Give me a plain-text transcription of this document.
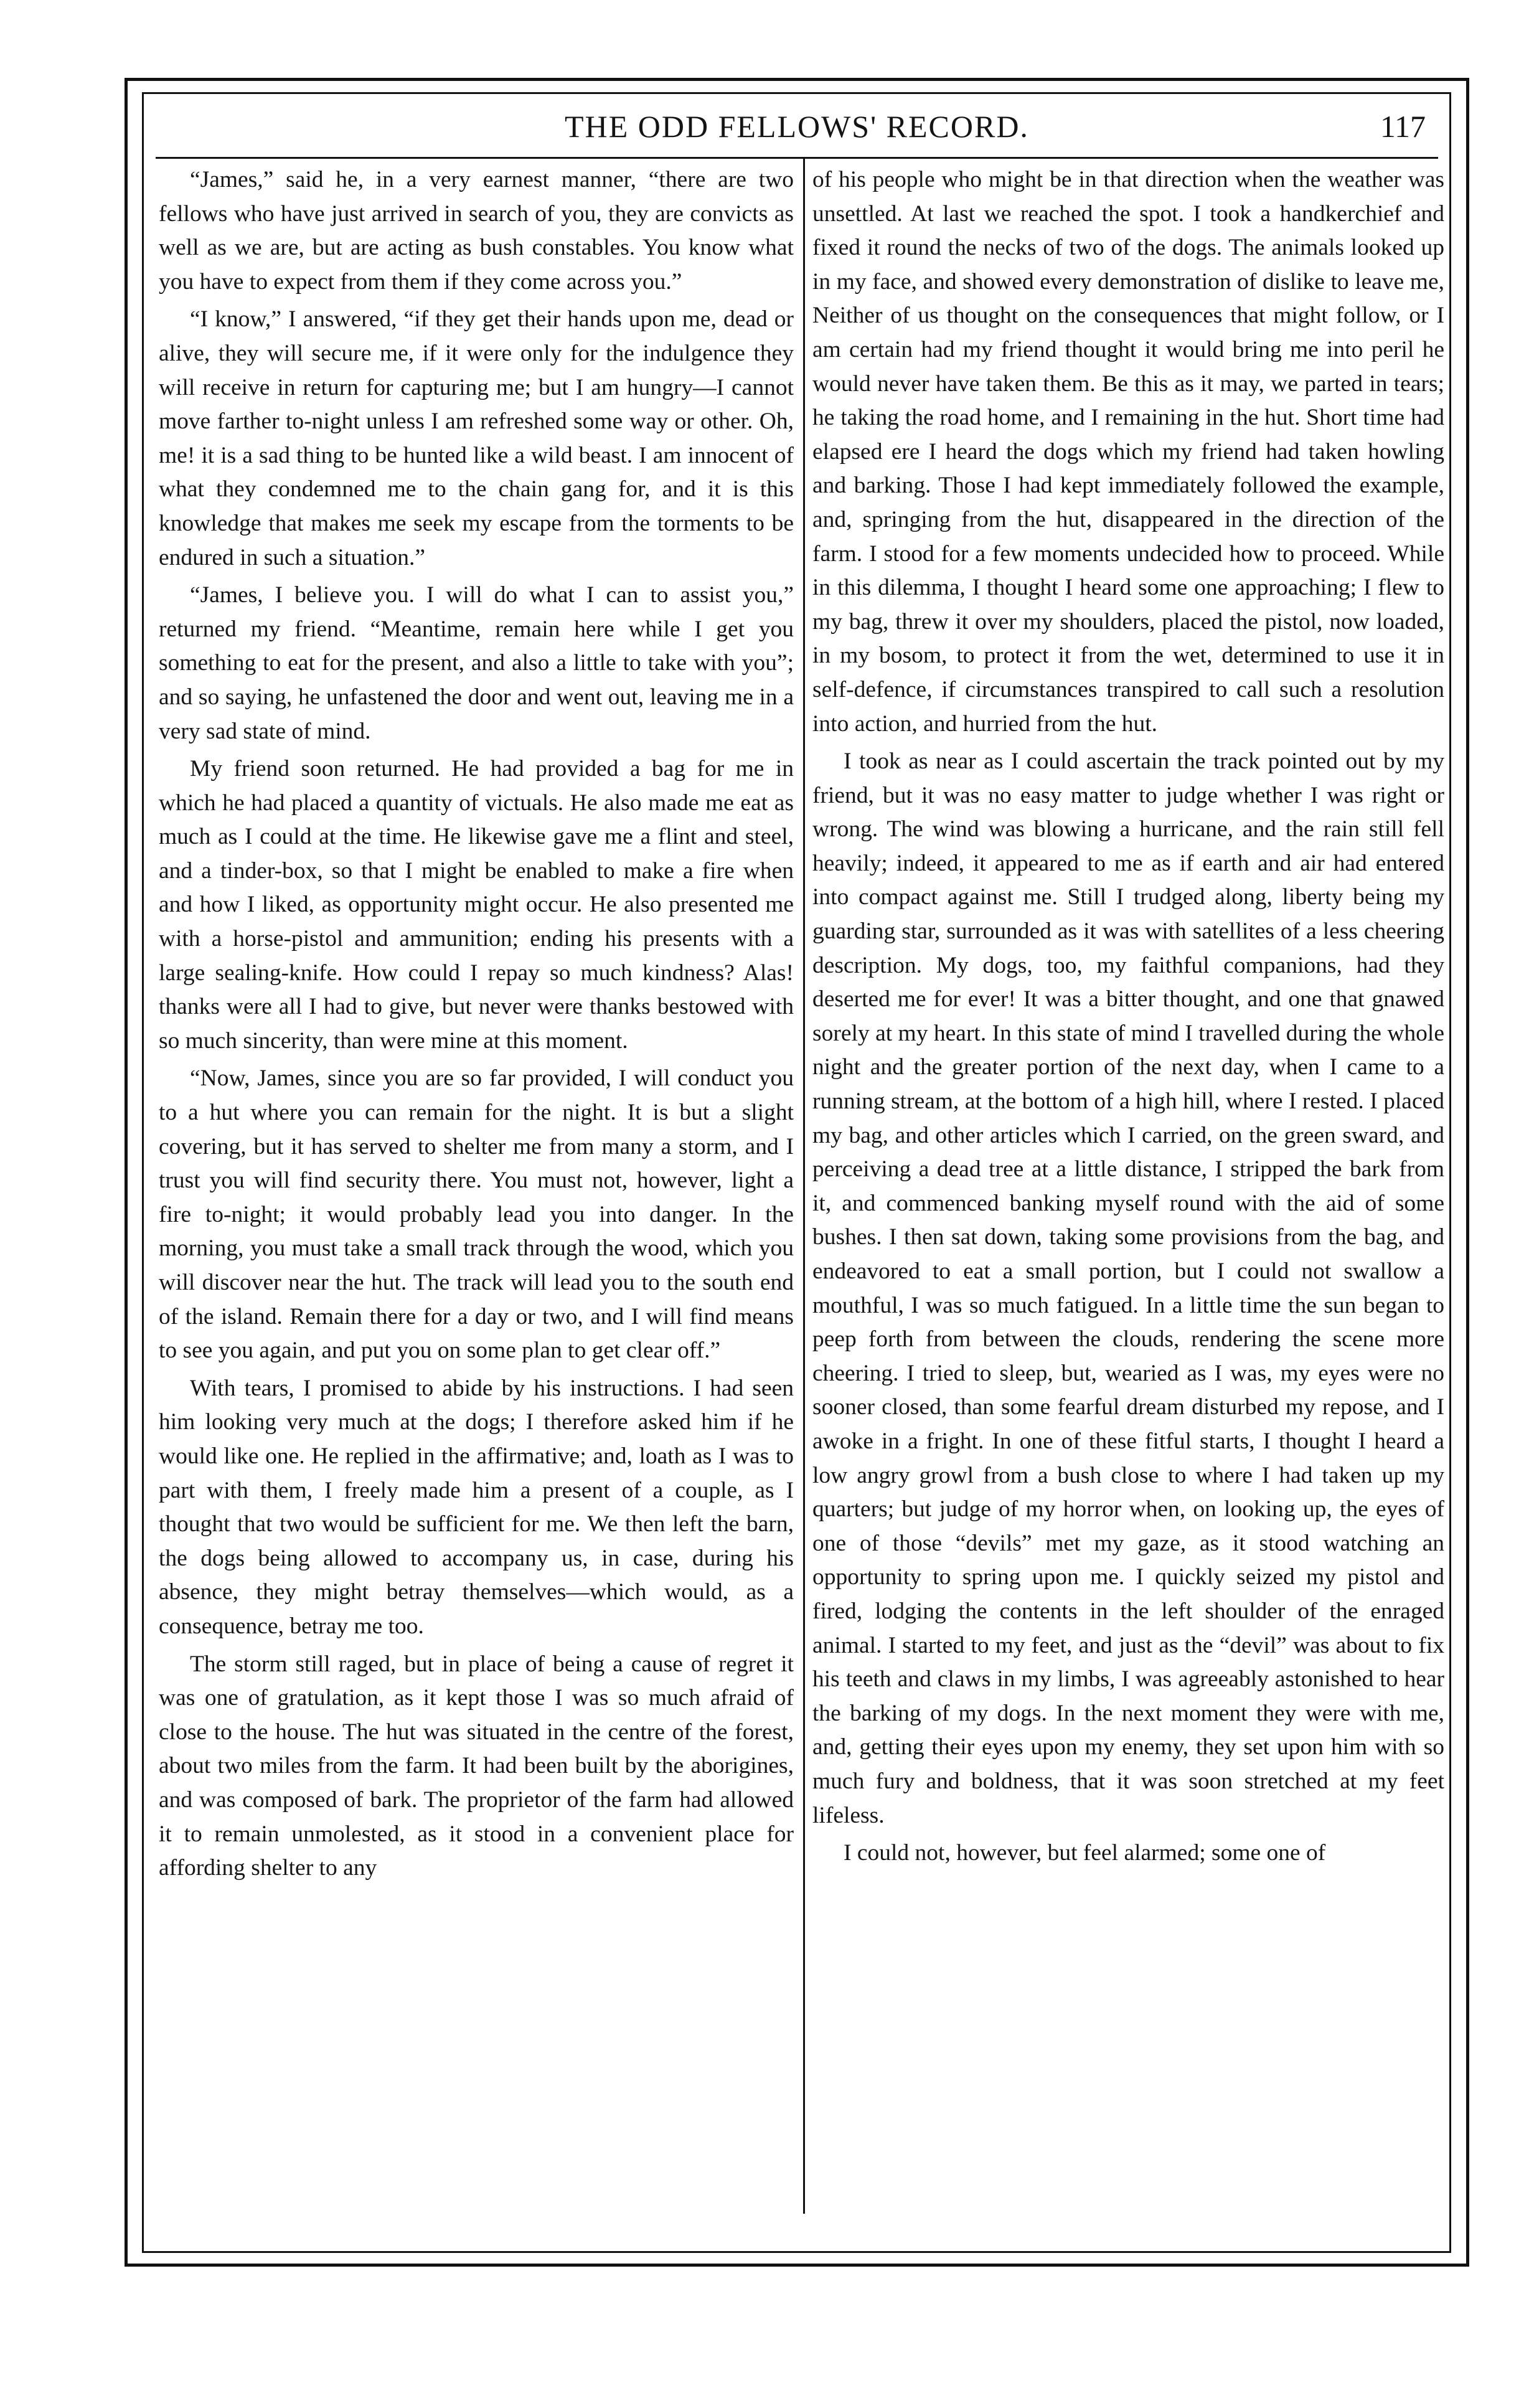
THE ODD FELLOWS' RECORD.	117

“James,” said he, in a very earnest manner, “there are two fellows who have just arrived in search of you, they are convicts as well as we are, but are acting as bush constables. You know what you have to expect from them if they come across you.”

“I know,” I answered, “if they get their hands upon me, dead or alive, they will secure me, if it were only for the indulgence they will receive in return for capturing me; but I am hungry—I cannot move farther to-night unless I am refreshed some way or other. Oh, me! it is a sad thing to be hunted like a wild beast. I am innocent of what they condemned me to the chain gang for, and it is this knowledge that makes me seek my escape from the torments to be endured in such a situation.”

“James, I believe you. I will do what I can to assist you,” returned my friend. “Meantime, remain here while I get you something to eat for the present, and also a little to take with you”; and so saying, he unfastened the door and went out, leaving me in a very sad state of mind.

My friend soon returned. He had provided a bag for me in which he had placed a quantity of victuals. He also made me eat as much as I could at the time. He likewise gave me a flint and steel, and a tinder-box, so that I might be enabled to make a fire when and how I liked, as opportunity might occur. He also presented me with a horse-pistol and ammunition; ending his presents with a large sealing-knife. How could I repay so much kindness? Alas! thanks were all I had to give, but never were thanks bestowed with so much sincerity, than were mine at this moment.

“Now, James, since you are so far provided, I will conduct you to a hut where you can remain for the night. It is but a slight covering, but it has served to shelter me from many a storm, and I trust you will find security there. You must not, however, light a fire to-night; it would probably lead you into danger. In the morning, you must take a small track through the wood, which you will discover near the hut. The track will lead you to the south end of the island. Remain there for a day or two, and I will find means to see you again, and put you on some plan to get clear off.”

With tears, I promised to abide by his instructions. I had seen him looking very much at the dogs; I therefore asked him if he would like one. He replied in the affirmative; and, loath as I was to part with them, I freely made him a present of a couple, as I thought that two would be sufficient for me. We then left the barn, the dogs being allowed to accompany us, in case, during his absence, they might betray themselves—which would, as a consequence, betray me too.

The storm still raged, but in place of being a cause of regret it was one of gratulation, as it kept those I was so much afraid of close to the house. The hut was situated in the centre of the forest, about two miles from the farm. It had been built by the aborigines, and was composed of bark. The proprietor of the farm had allowed it to remain unmolested, as it stood in a convenient place for affording shelter to any

of his people who might be in that direction when the weather was unsettled. At last we reached the spot. I took a handkerchief and fixed it round the necks of two of the dogs. The animals looked up in my face, and showed every demonstration of dislike to leave me, Neither of us thought on the consequences that might follow, or I am certain had my friend thought it would bring me into peril he would never have taken them. Be this as it may, we parted in tears; he taking the road home, and I remaining in the hut. Short time had elapsed ere I heard the dogs which my friend had taken howling and barking. Those I had kept immediately followed the example, and, springing from the hut, disappeared in the direction of the farm. I stood for a few moments undecided how to proceed. While in this dilemma, I thought I heard some one approaching; I flew to my bag, threw it over my shoulders, placed the pistol, now loaded, in my bosom, to protect it from the wet, determined to use it in self-defence, if circumstances transpired to call such a resolution into action, and hurried from the hut.

I took as near as I could ascertain the track pointed out by my friend, but it was no easy matter to judge whether I was right or wrong. The wind was blowing a hurricane, and the rain still fell heavily; indeed, it appeared to me as if earth and air had entered into compact against me. Still I trudged along, liberty being my guarding star, surrounded as it was with satellites of a less cheering description. My dogs, too, my faithful companions, had they deserted me for ever! It was a bitter thought, and one that gnawed sorely at my heart. In this state of mind I travelled during the whole night and the greater portion of the next day, when I came to a running stream, at the bottom of a high hill, where I rested. I placed my bag, and other articles which I carried, on the green sward, and perceiving a dead tree at a little distance, I stripped the bark from it, and commenced banking myself round with the aid of some bushes. I then sat down, taking some provisions from the bag, and endeavored to eat a small portion, but I could not swallow a mouthful, I was so much fatigued. In a little time the sun began to peep forth from between the clouds, rendering the scene more cheering. I tried to sleep, but, wearied as I was, my eyes were no sooner closed, than some fearful dream disturbed my repose, and I awoke in a fright. In one of these fitful starts, I thought I heard a low angry growl from a bush close to where I had taken up my quarters; but judge of my horror when, on looking up, the eyes of one of those “devils” met my gaze, as it stood watching an opportunity to spring upon me. I quickly seized my pistol and fired, lodging the contents in the left shoulder of the enraged animal. I started to my feet, and just as the “devil” was about to fix his teeth and claws in my limbs, I was agreeably astonished to hear the barking of my dogs. In the next moment they were with me, and, getting their eyes upon my enemy, they set upon him with so much fury and boldness, that it was soon stretched at my feet lifeless.

I could not, however, but feel alarmed; some one of
